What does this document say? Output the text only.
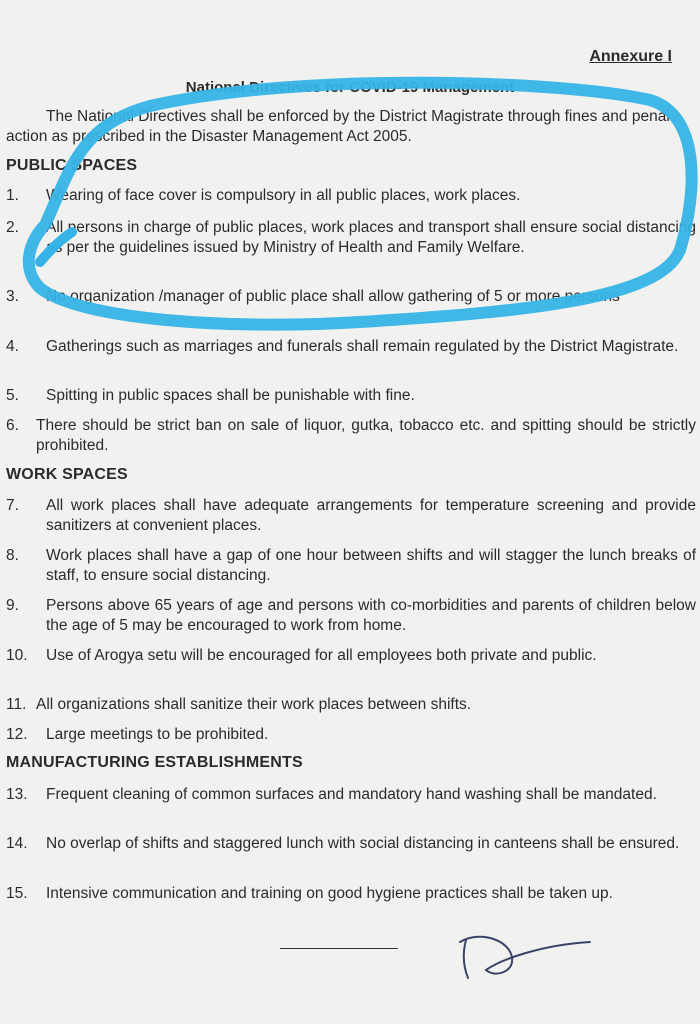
Annexure I
National Directives for COVID-19 Management
The National Directives shall be enforced by the District Magistrate through fines and penal action as prescribed in the Disaster Management Act 2005.
PUBLIC SPACES
1. Wearing of face cover is compulsory in all public places, work places.
2. All persons in charge of public places, work places and transport shall ensure social distancing as per the guidelines issued by Ministry of Health and Family Welfare.
3. No organization /manager of public place shall allow gathering of 5 or more persons
4. Gatherings such as marriages and funerals shall remain regulated by the District Magistrate.
5. Spitting in public spaces shall be punishable with fine.
6. There should be strict ban on sale of liquor, gutka, tobacco etc. and spitting should be strictly prohibited.
WORK SPACES
7. All work places shall have adequate arrangements for temperature screening and provide sanitizers at convenient places.
8. Work places shall have a gap of one hour between shifts and will stagger the lunch breaks of staff, to ensure social distancing.
9. Persons above 65 years of age and persons with co-morbidities and parents of children below the age of 5 may be encouraged to work from home.
10. Use of Arogya setu will be encouraged for all employees both private and public.
11. All organizations shall sanitize their work places between shifts.
12. Large meetings to be prohibited.
MANUFACTURING ESTABLISHMENTS
13. Frequent cleaning of common surfaces and mandatory hand washing shall be mandated.
14. No overlap of shifts and staggered lunch with social distancing in canteens shall be ensured.
15. Intensive communication and training on good hygiene practices shall be taken up.
